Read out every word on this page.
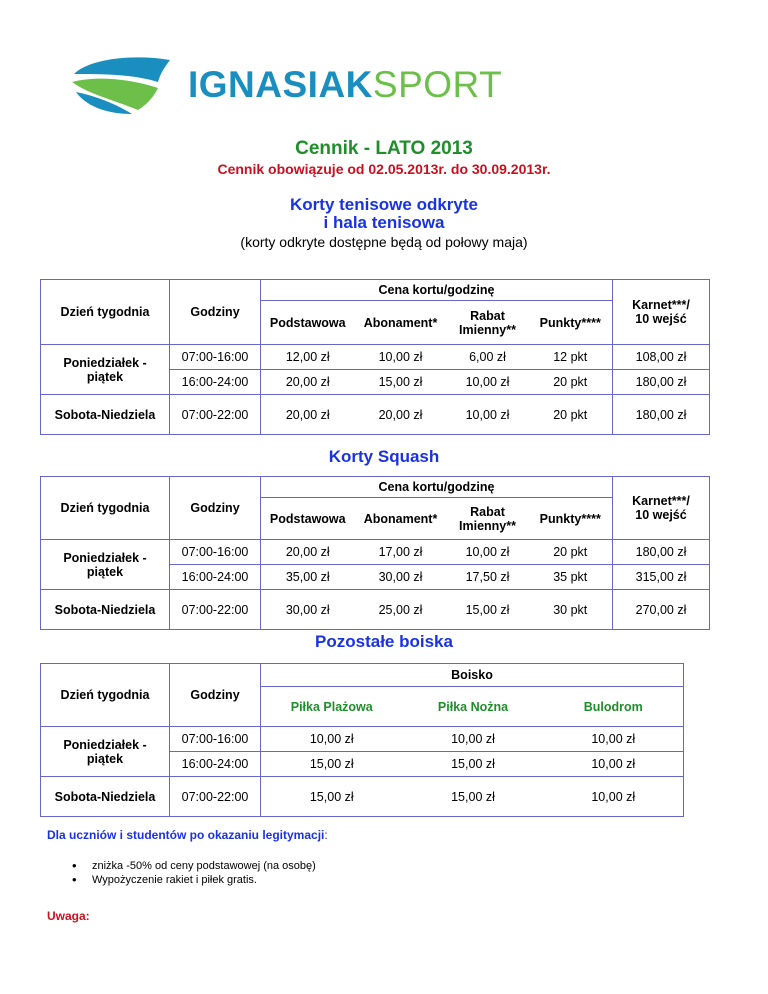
IGNASIAKSPORT
Cennik - LATO 2013
Cennik obowiązuje od 02.05.2013r. do 30.09.2013r.
Korty tenisowe odkryte
i hala tenisowa
(korty odkryte dostępne będą od połowy maja)
Dzień tygodnia	Godziny	Cena kortu/godzinę				Karnet***/
10 wejść
		Podstawowa	Abonament*	Rabat
Imienny**	Punkty****	
Poniedziałek -
piątek	07:00-16:00	12,00 zł	10,00 zł	6,00 zł	12 pkt	108,00 zł
	16:00-24:00	20,00 zł	15,00 zł	10,00 zł	20 pkt	180,00 zł
Sobota-Niedziela	07:00-22:00	20,00 zł	20,00 zł	10,00 zł	20 pkt	180,00 zł
Korty Squash
Dzień tygodnia	Godziny	Cena kortu/godzinę				Karnet***/
10 wejść
		Podstawowa	Abonament*	Rabat
Imienny**	Punkty****	
Poniedziałek -
piątek	07:00-16:00	20,00 zł	17,00 zł	10,00 zł	20 pkt	180,00 zł
	16:00-24:00	35,00 zł	30,00 zł	17,50 zł	35 pkt	315,00 zł
Sobota-Niedziela	07:00-22:00	30,00 zł	25,00 zł	15,00 zł	30 pkt	270,00 zł
Pozostałe boiska
Dzień tygodnia	Godziny	Boisko		
		Piłka Plażowa	Piłka Nożna	Bulodrom
Poniedziałek -
piątek	07:00-16:00	10,00 zł	10,00 zł	10,00 zł
	16:00-24:00	15,00 zł	15,00 zł	10,00 zł
Sobota-Niedziela	07:00-22:00	15,00 zł	15,00 zł	10,00 zł
Dla uczniów i studentów po okazaniu legitymacji:
• zniżka -50% od ceny podstawowej (na osobę)
• Wypożyczenie rakiet i piłek gratis.
Uwaga:
